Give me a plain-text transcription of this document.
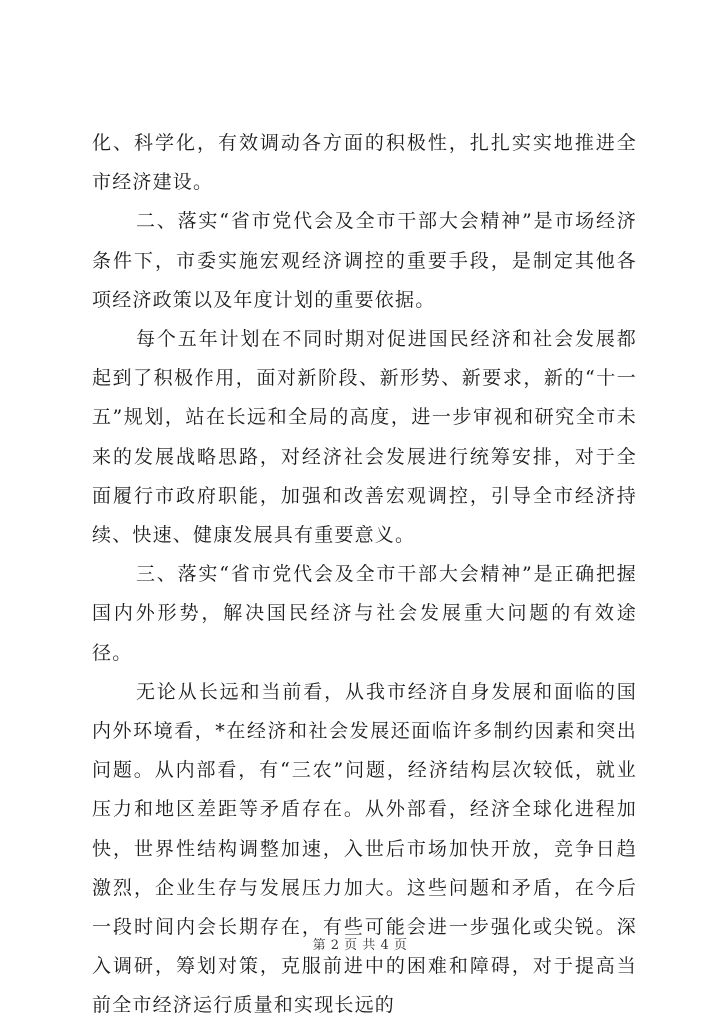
化、科学化，有效调动各方面的积极性，扎扎实实地推进全市经济建设。

二、落实“省市党代会及全市干部大会精神”是市场经济条件下，市委实施宏观经济调控的重要手段，是制定其他各项经济政策以及年度计划的重要依据。

每个五年计划在不同时期对促进国民经济和社会发展都起到了积极作用，面对新阶段、新形势、新要求，新的“十一五”规划，站在长远和全局的高度，进一步审视和研究全市未来的发展战略思路，对经济社会发展进行统筹安排，对于全面履行市政府职能，加强和改善宏观调控，引导全市经济持续、快速、健康发展具有重要意义。

三、落实“省市党代会及全市干部大会精神”是正确把握国内外形势，解决国民经济与社会发展重大问题的有效途径。

无论从长远和当前看，从我市经济自身发展和面临的国内外环境看，*在经济和社会发展还面临许多制约因素和突出问题。从内部看，有“三农”问题，经济结构层次较低，就业压力和地区差距等矛盾存在。从外部看，经济全球化进程加快，世界性结构调整加速，入世后市场加快开放，竞争日趋激烈，企业生存与发展压力加大。这些问题和矛盾，在今后一段时间内会长期存在，有些可能会进一步强化或尖锐。深入调研，筹划对策，克服前进中的困难和障碍，对于提高当前全市经济运行质量和实现长远的

第 2 页 共 4 页
